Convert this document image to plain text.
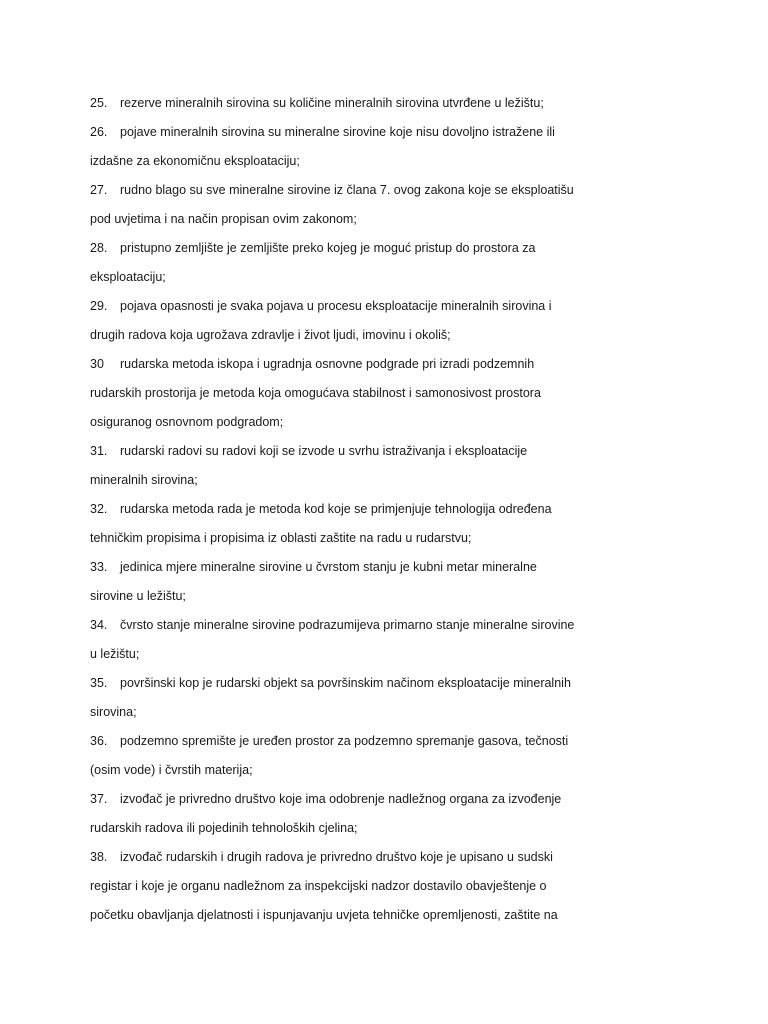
25. rezerve mineralnih sirovina su količine mineralnih sirovina utvrđene u ležištu;
26. pojave mineralnih sirovina su mineralne sirovine koje nisu dovoljno istražene ili
izdašne za ekonomičnu eksploataciju;
27. rudno blago su sve mineralne sirovine iz člana 7. ovog zakona koje se eksploatišu
pod uvjetima i na način propisan ovim zakonom;
28. pristupno zemljište je zemljište preko kojeg je moguć pristup do prostora za
eksploataciju;
29. pojava opasnosti je svaka pojava u procesu eksploatacije mineralnih sirovina i
drugih radova koja ugrožava zdravlje i život ljudi, imovinu i okoliš;
30 rudarska metoda iskopa i ugradnja osnovne podgrade pri izradi podzemnih
rudarskih prostorija je metoda koja omogućava stabilnost i samonosivost prostora
osiguranog osnovnom podgradom;
31. rudarski radovi su radovi koji se izvode u svrhu istraživanja i eksploatacije
mineralnih sirovina;
32. rudarska metoda rada je metoda kod koje se primjenjuje tehnologija određena
tehničkim propisima i propisima iz oblasti zaštite na radu u rudarstvu;
33. jedinica mjere mineralne sirovine u čvrstom stanju je kubni metar mineralne
sirovine u ležištu;
34. čvrsto stanje mineralne sirovine podrazumijeva primarno stanje mineralne sirovine
u ležištu;
35. površinski kop je rudarski objekt sa površinskim načinom eksploatacije mineralnih
sirovina;
36. podzemno spremište je uređen prostor za podzemno spremanje gasova, tečnosti
(osim vode) i čvrstih materija;
37. izvođač je privredno društvo koje ima odobrenje nadležnog organa za izvođenje
rudarskih radova ili pojedinih tehnoloških cjelina;
38. izvođač rudarskih i drugih radova je privredno društvo koje je upisano u sudski
registar i koje je organu nadležnom za inspekcijski nadzor dostavilo obavještenje o
početku obavljanja djelatnosti i ispunjavanju uvjeta tehničke opremljenosti, zaštite na
